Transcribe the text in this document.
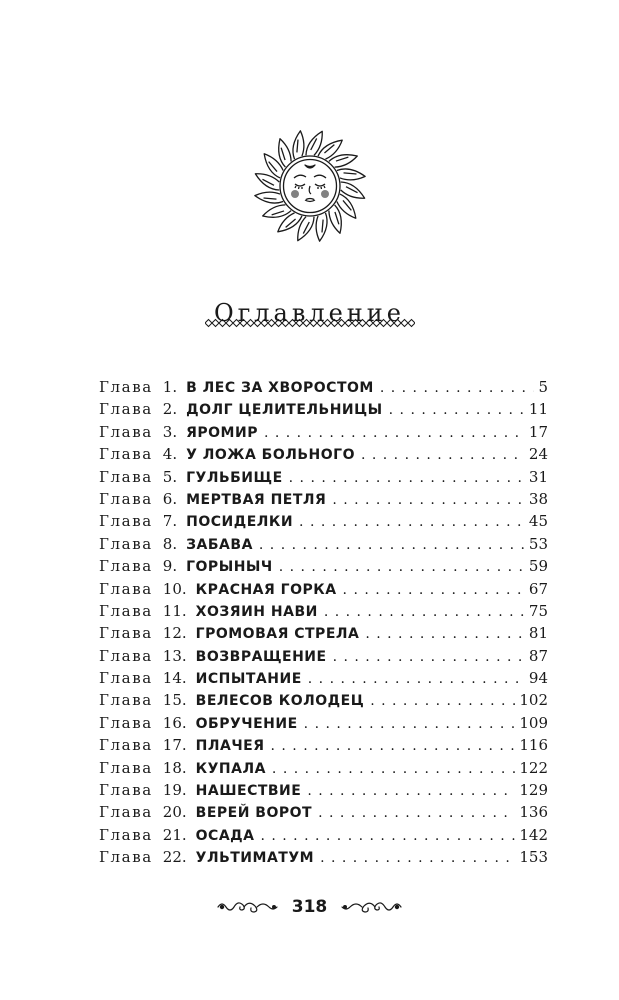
Оглавление
Глава 1. В ЛЕС ЗА ХВОРОСТОМ . . .	5
Глава 2. ДОЛГ ЦЕЛИТЕЛЬНИЦЫ . . .	11
Глава 3. ЯРОМИР . . .	17
Глава 4. У ЛОЖА БОЛЬНОГО . . .	24
Глава 5. ГУЛЬБИЩЕ . . .	31
Глава 6. МЕРТВАЯ ПЕТЛЯ . . .	38
Глава 7. ПОСИДЕЛКИ . . .	45
Глава 8. ЗАБАВА . . .	53
Глава 9. ГОРЫНЫЧ . . .	59
Глава 10. КРАСНАЯ ГОРКА . . .	67
Глава 11. ХОЗЯИН НАВИ . . .	75
Глава 12. ГРОМОВАЯ СТРЕЛА . . .	81
Глава 13. ВОЗВРАЩЕНИЕ . . .	87
Глава 14. ИСПЫТАНИЕ . . .	94
Глава 15. ВЕЛЕСОВ КОЛОДЕЦ . . .	102
Глава 16. ОБРУЧЕНИЕ . . .	109
Глава 17. ПЛАЧЕЯ . . .	116
Глава 18. КУПАЛА . . .	122
Глава 19. НАШЕСТВИЕ . . .	129
Глава 20. ВЕРЕЙ ВОРОТ . . .	136
Глава 21. ОСАДА . . .	142
Глава 22. УЛЬТИМАТУМ . . .	153
318
